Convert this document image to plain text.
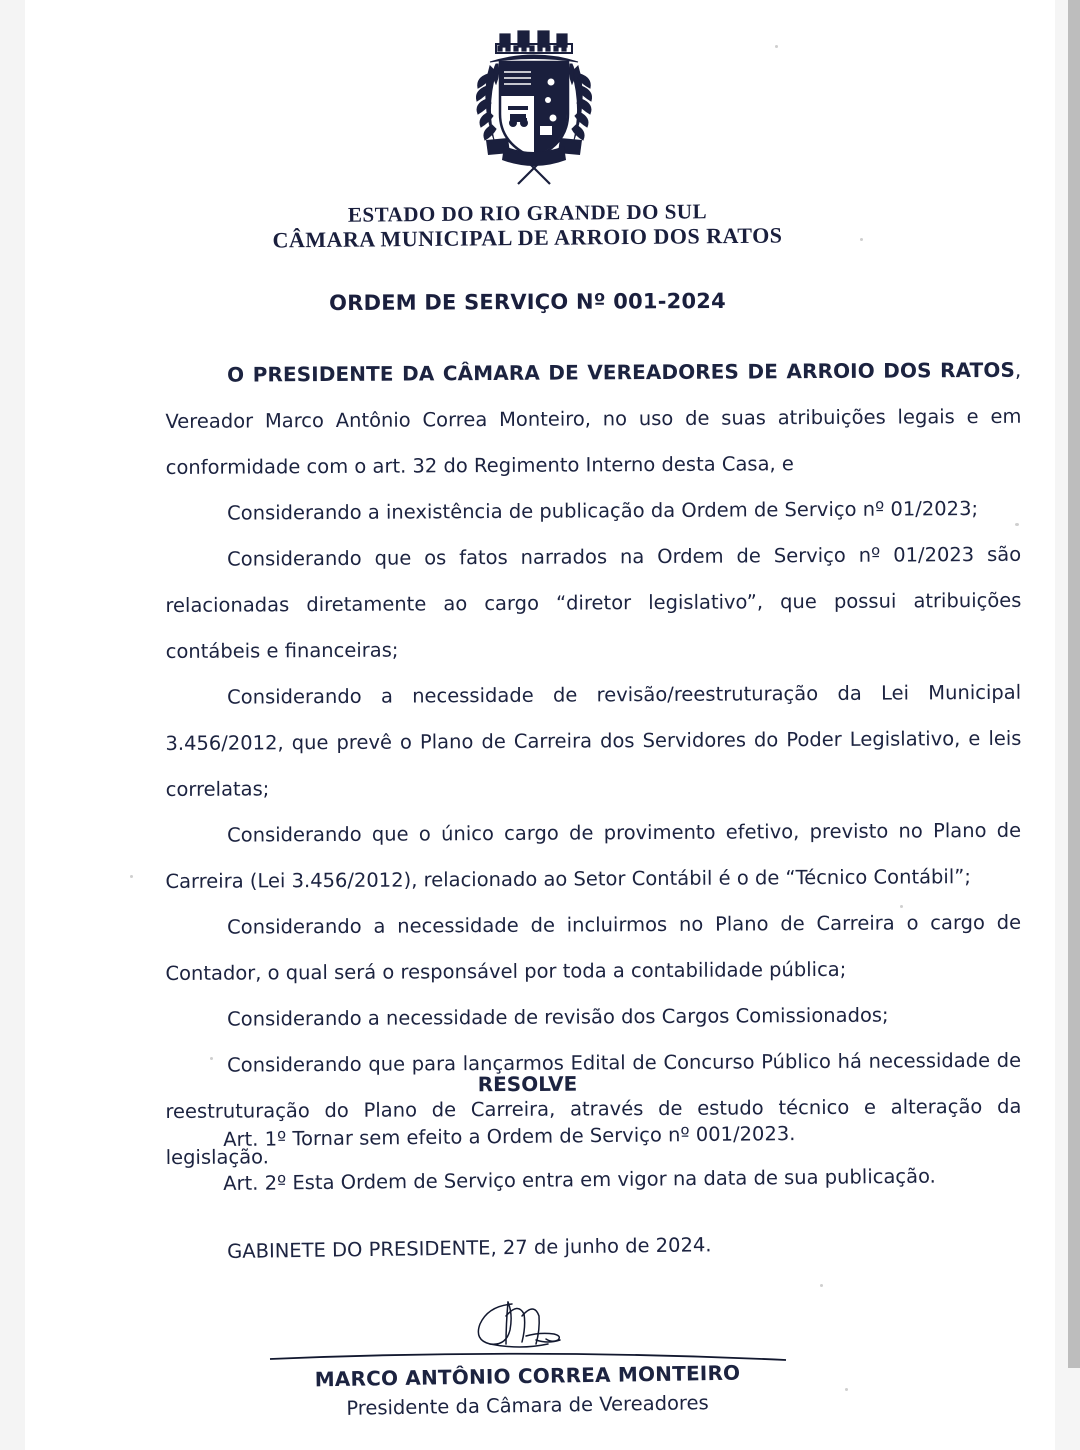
ESTADO DO RIO GRANDE DO SUL
CÂMARA MUNICIPAL DE ARROIO DOS RATOS
ORDEM DE SERVIÇO Nº 001-2024

O PRESIDENTE DA CÂMARA DE VEREADORES DE ARROIO DOS RATOS, Vereador Marco Antônio Correa Monteiro, no uso de suas atribuições legais e em conformidade com o art. 32 do Regimento Interno desta Casa, e

Considerando a inexistência de publicação da Ordem de Serviço nº 01/2023;

Considerando que os fatos narrados na Ordem de Serviço nº 01/2023 são relacionadas diretamente ao cargo “diretor legislativo”, que possui atribuições contábeis e financeiras;

Considerando a necessidade de revisão/reestruturação da Lei Municipal 3.456/2012, que prevê o Plano de Carreira dos Servidores do Poder Legislativo, e leis correlatas;

Considerando que o único cargo de provimento efetivo, previsto no Plano de Carreira (Lei 3.456/2012), relacionado ao Setor Contábil é o de “Técnico Contábil”;

Considerando a necessidade de incluirmos no Plano de Carreira o cargo de Contador, o qual será o responsável por toda a contabilidade pública;

Considerando a necessidade de revisão dos Cargos Comissionados;

Considerando que para lançarmos Edital de Concurso Público há necessidade de reestruturação do Plano de Carreira, através de estudo técnico e alteração da legislação.

RESOLVE

Art. 1º Tornar sem efeito a Ordem de Serviço nº 001/2023.

Art. 2º Esta Ordem de Serviço entra em vigor na data de sua publicação.

GABINETE DO PRESIDENTE, 27 de junho de 2024.
MARCO ANTÔNIO CORREA MONTEIRO
Presidente da Câmara de Vereadores
